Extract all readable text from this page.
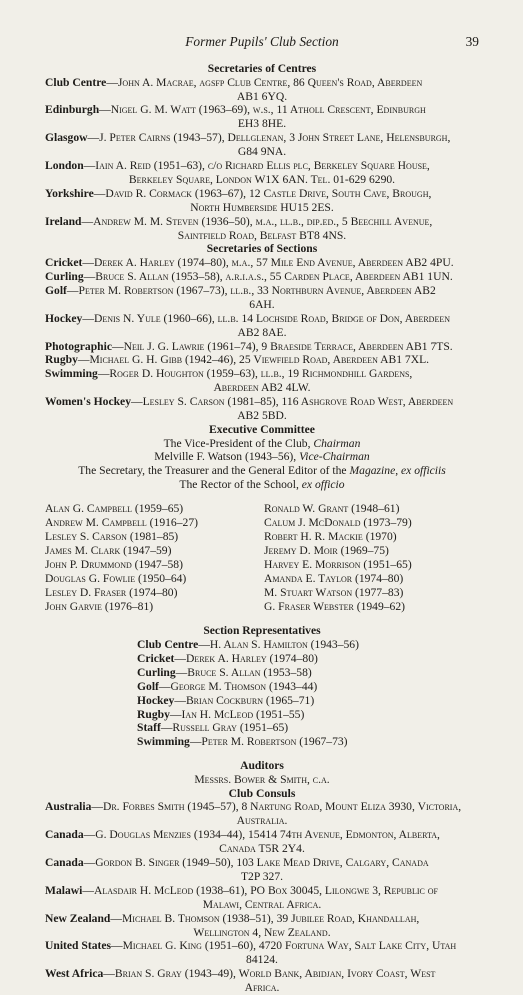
Former Pupils' Club Section	39
Secretaries of Centres

Club Centre—John A. Macrae, agsfp Club Centre, 86 Queen's Road, Aberdeen
AB1 6YQ.

Edinburgh—Nigel G. M. Watt (1963–69), w.s., 11 Atholl Crescent, Edinburgh
EH3 8HE.

Glasgow—J. Peter Cairns (1943–57), Dellglenan, 3 John Street Lane, Helensburgh,
G84 9NA.

London—Iain A. Reid (1951–63), c/o Richard Ellis plc, Berkeley Square House,
Berkeley Square, London W1X 6AN. Tel. 01-629 6290.

Yorkshire—David R. Cormack (1963–67), 12 Castle Drive, South Cave, Brough,
North Humberside HU15 2ES.

Ireland—Andrew M. M. Steven (1936–50), m.a., ll.b., dip.ed., 5 Beechill Avenue,
Saintfield Road, Belfast BT8 4NS.

Secretaries of Sections

Cricket—Derek A. Harley (1974–80), m.a., 57 Mile End Avenue, Aberdeen AB2 4PU.

Curling—Bruce S. Allan (1953–58), a.r.i.a.s., 55 Carden Place, Aberdeen AB1 1UN.

Golf—Peter M. Robertson (1967–73), ll.b., 33 Northburn Avenue, Aberdeen AB2
6AH.

Hockey—Denis N. Yule (1960–66), ll.b. 14 Lochside Road, Bridge of Don, Aberdeen
AB2 8AE.

Photographic—Neil J. G. Lawrie (1961–74), 9 Braeside Terrace, Aberdeen AB1 7TS.

Rugby—Michael G. H. Gibb (1942–46), 25 Viewfield Road, Aberdeen AB1 7XL.

Swimming—Roger D. Houghton (1959–63), ll.b., 19 Richmondhill Gardens,
Aberdeen AB2 4LW.

Women's Hockey—Lesley S. Carson (1981–85), 116 Ashgrove Road West, Aberdeen
AB2 5BD.

Executive Committee

The Vice-President of the Club, Chairman

Melville F. Watson (1943–56), Vice-Chairman

The Secretary, the Treasurer and the General Editor of the Magazine, ex officiis

The Rector of the School, ex officio

Alan G. Campbell (1959–65)
Andrew M. Campbell (1916–27)
Lesley S. Carson (1981–85)
James M. Clark (1947–59)
John P. Drummond (1947–58)
Douglas G. Fowlie (1950–64)
Lesley D. Fraser (1974–80)
John Garvie (1976–81)
Ronald W. Grant (1948–61)
Calum J. McDonald (1973–79)
Robert H. R. Mackie (1970)
Jeremy D. Moir (1969–75)
Harvey E. Morrison (1951–65)
Amanda E. Taylor (1974–80)
M. Stuart Watson (1977–83)
G. Fraser Webster (1949–62)
Section Representatives
Club Centre—H. Alan S. Hamilton (1943–56)
Cricket—Derek A. Harley (1974–80)
Curling—Bruce S. Allan (1953–58)
Golf—George M. Thomson (1943–44)
Hockey—Brian Cockburn (1965–71)
Rugby—Ian H. McLeod (1951–55)
Staff—Russell Gray (1951–65)
Swimming—Peter M. Robertson (1967–73)
Auditors

Messrs. Bower & Smith, c.a.

Club Consuls

Australia—Dr. Forbes Smith (1945–57), 8 Nartung Road, Mount Eliza 3930, Victoria,
Australia.

Canada—G. Douglas Menzies (1934–44), 15414 74th Avenue, Edmonton, Alberta,
Canada T5R 2Y4.

Canada—Gordon B. Singer (1949–50), 103 Lake Mead Drive, Calgary, Canada
T2P 327.

Malawi—Alasdair H. McLeod (1938–61), PO Box 30045, Lilongwe 3, Republic of
Malawi, Central Africa.

New Zealand—Michael B. Thomson (1938–51), 39 Jubilee Road, Khandallah,
Wellington 4, New Zealand.

United States—Michael G. King (1951–60), 4720 Fortuna Way, Salt Lake City, Utah
84124.

West Africa—Brian S. Gray (1943–49), World Bank, Abidjan, Ivory Coast, West
Africa.
